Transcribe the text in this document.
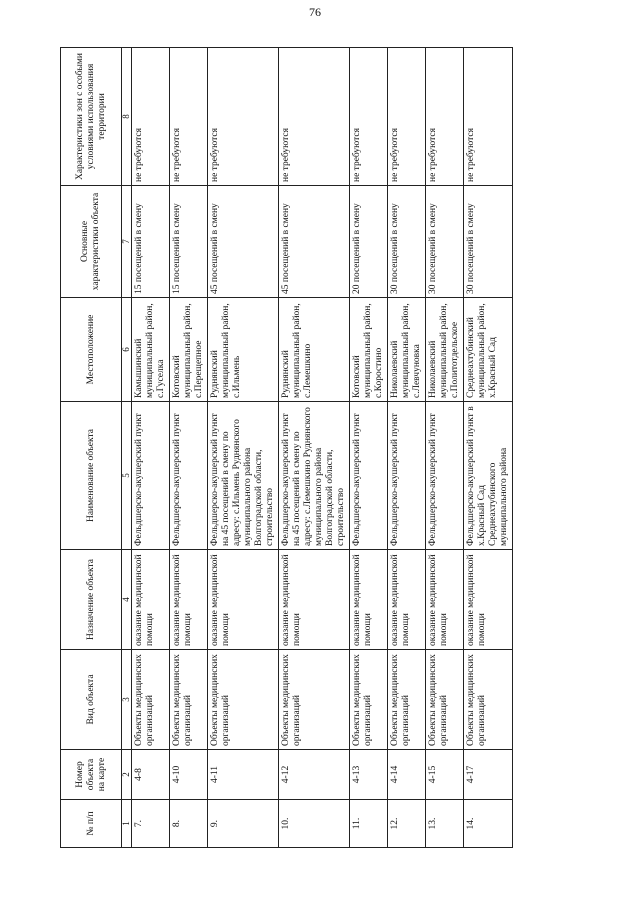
76
№ п/п	Номер объекта на карте	Вид объекта	Назначение объекта	Наименование объекта	Местоположение	Основные характеристики объекта	Характеристики зон с особыми условиями использования территории
1	2	3	4	5	6	7	8
7.	4-8	Объекты медицинских организаций	оказание медицинской помощи	Фельдшерско-акушерский пункт	Камышинский муниципальный район, с.Гуселка	15 посещений в смену	не требуются
8.	4-10	Объекты медицинских организаций	оказание медицинской помощи	Фельдшерско-акушерский пункт	Котовский муниципальный район, с.Перещепное	15 посещений в смену	не требуются
9.	4-11	Объекты медицинских организаций	оказание медицинской помощи	Фельдшерско-акушерский пункт на 45 посещений в смену по адресу: с.Ильмень Руднянского муниципального района Волгоградской области, строительство	Руднянский муниципальный район, с.Ильмень	45 посещений в смену	не требуются
10.	4-12	Объекты медицинских организаций	оказание медицинской помощи	Фельдшерско-акушерский пункт на 45 посещений в смену по адресу: с.Лемешкино Руднянского муниципального района Волгоградской области, строительство	Руднянский муниципальный район, с.Лемешкино	45 посещений в смену	не требуются
11.	4-13	Объекты медицинских организаций	оказание медицинской помощи	Фельдшерско-акушерский пункт	Котовский муниципальный район, с.Коростино	20 посещений в смену	не требуются
12.	4-14	Объекты медицинских организаций	оказание медицинской помощи	Фельдшерско-акушерский пункт	Николаевский муниципальный район, с.Левчуновка	30 посещений в смену	не требуются
13.	4-15	Объекты медицинских организаций	оказание медицинской помощи	Фельдшерско-акушерский пункт	Николаевский муниципальный район, с.Политотдельское	30 посещений в смену	не требуются
14.	4-17	Объекты медицинских организаций	оказание медицинской помощи	Фельдшерско-акушерский пункт в х.Красный Сад Среднеахтубинского муниципального района	Среднеахтубинский муниципальный район, х.Красный Сад	30 посещений в смену	не требуются
